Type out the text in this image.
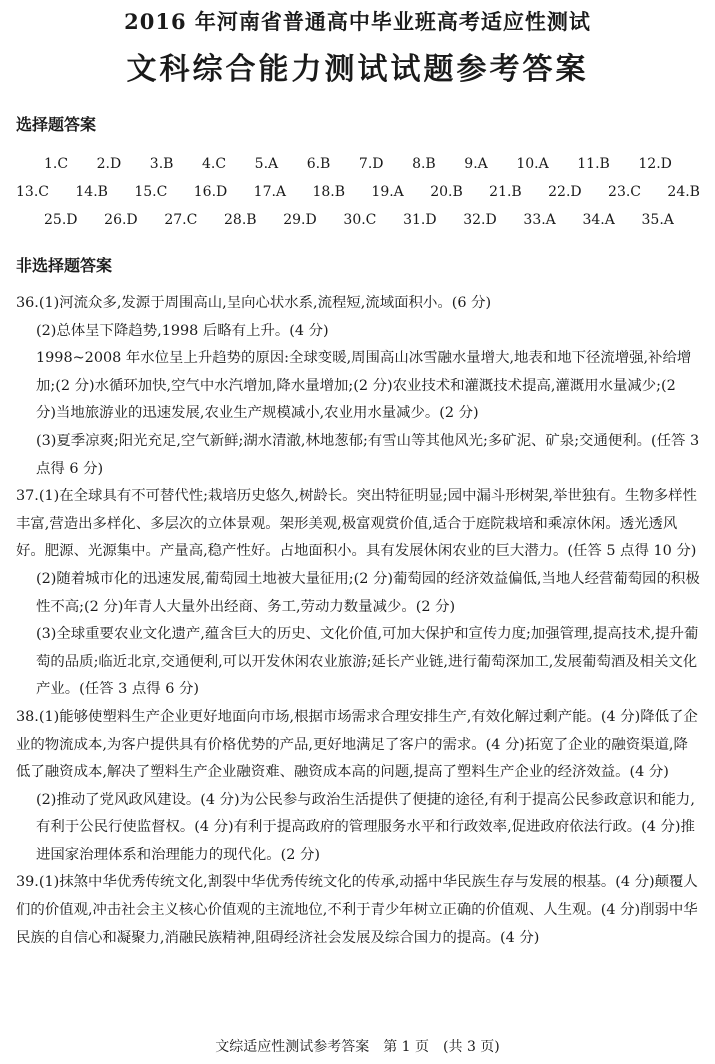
2016 年河南省普通高中毕业班高考适应性测试
文科综合能力测试试题参考答案
选择题答案
1.C 2.D 3.B 4.C 5.A 6.B 7.D 8.B 9.A 10.A 11.B 12.D
13.C 14.B 15.C 16.D 17.A 18.B 19.A 20.B 21.B 22.D 23.C 24.B
25.D 26.D 27.C 28.B 29.D 30.C 31.D 32.D 33.A 34.A 35.A
非选择题答案

36.(1)河流众多,发源于周围高山,呈向心状水系,流程短,流域面积小。(6 分)

(2)总体呈下降趋势,1998 后略有上升。(4 分)

1998~2008 年水位呈上升趋势的原因:全球变暖,周围高山冰雪融水量增大,地表和地下径流增强,补给增加;(2 分)水循环加快,空气中水汽增加,降水量增加;(2 分)农业技术和灌溉技术提高,灌溉用水量减少;(2 分)当地旅游业的迅速发展,农业生产规模减小,农业用水量减少。(2 分)

(3)夏季凉爽;阳光充足,空气新鲜;湖水清澈,林地葱郁;有雪山等其他风光;多矿泥、矿泉;交通便利。(任答 3 点得 6 分)

37.(1)在全球具有不可替代性;栽培历史悠久,树龄长。突出特征明显;园中漏斗形树架,举世独有。生物多样性丰富,营造出多样化、多层次的立体景观。架形美观,极富观赏价值,适合于庭院栽培和乘凉休闲。透光透风好。肥源、光源集中。产量高,稳产性好。占地面积小。具有发展休闲农业的巨大潜力。(任答 5 点得 10 分)

(2)随着城市化的迅速发展,葡萄园土地被大量征用;(2 分)葡萄园的经济效益偏低,当地人经营葡萄园的积极性不高;(2 分)年青人大量外出经商、务工,劳动力数量减少。(2 分)

(3)全球重要农业文化遗产,蕴含巨大的历史、文化价值,可加大保护和宣传力度;加强管理,提高技术,提升葡萄的品质;临近北京,交通便利,可以开发休闲农业旅游;延长产业链,进行葡萄深加工,发展葡萄酒及相关文化产业。(任答 3 点得 6 分)

38.(1)能够使塑料生产企业更好地面向市场,根据市场需求合理安排生产,有效化解过剩产能。(4 分)降低了企业的物流成本,为客户提供具有价格优势的产品,更好地满足了客户的需求。(4 分)拓宽了企业的融资渠道,降低了融资成本,解决了塑料生产企业融资难、融资成本高的问题,提高了塑料生产企业的经济效益。(4 分)

(2)推动了党风政风建设。(4 分)为公民参与政治生活提供了便捷的途径,有利于提高公民参政意识和能力,有利于公民行使监督权。(4 分)有利于提高政府的管理服务水平和行政效率,促进政府依法行政。(4 分)推进国家治理体系和治理能力的现代化。(2 分)

39.(1)抹煞中华优秀传统文化,割裂中华优秀传统文化的传承,动摇中华民族生存与发展的根基。(4 分)颠覆人们的价值观,冲击社会主义核心价值观的主流地位,不利于青少年树立正确的价值观、人生观。(4 分)削弱中华民族的自信心和凝聚力,消融民族精神,阻碍经济社会发展及综合国力的提高。(4 分)

文综适应性测试参考答案　第 1 页　(共 3 页)
